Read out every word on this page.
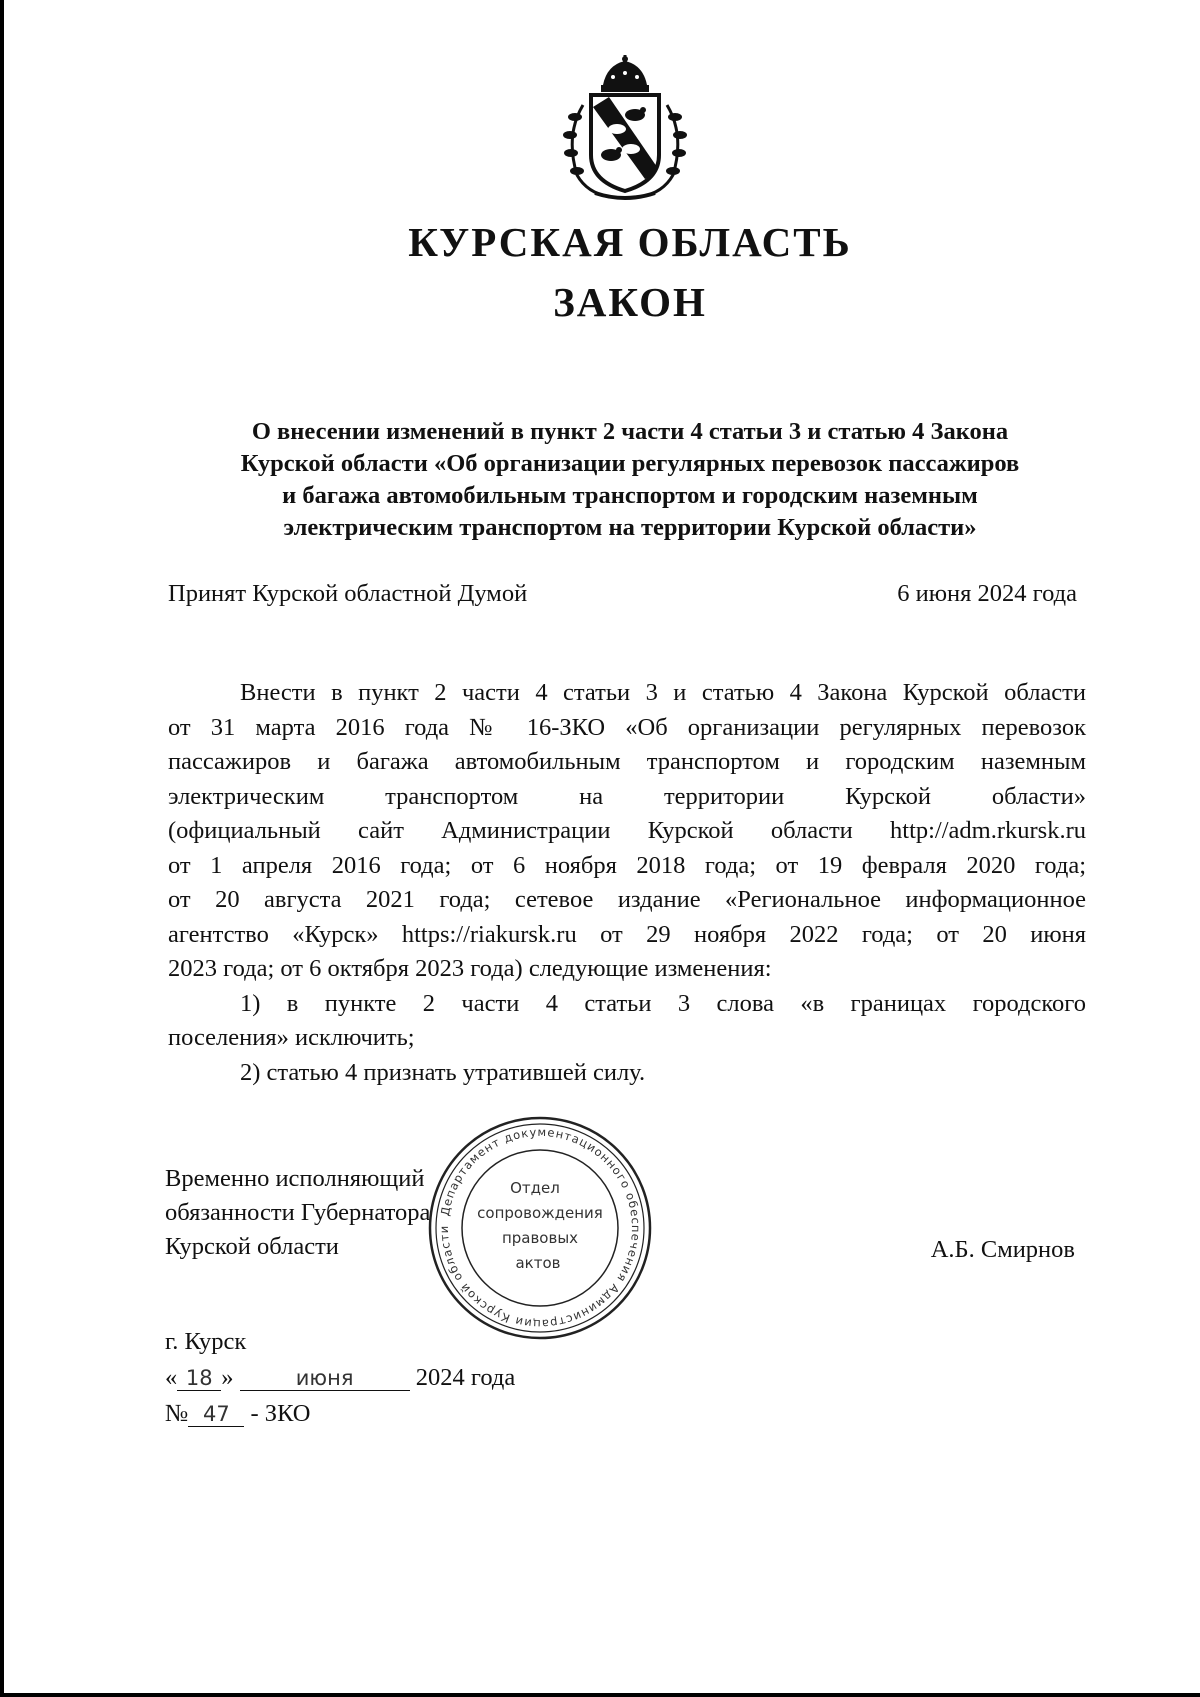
КУРСКАЯ ОБЛАСТЬ
ЗАКОН
О внесении изменений в пункт 2 части 4 статьи 3 и статью 4 Закона
Курской области «Об организации регулярных перевозок пассажиров
и багажа автомобильным транспортом и городским наземным
электрическим транспортом на территории Курской области»
Принят Курской областной Думой	6 июня 2024 года

Внести в пункт 2 части 4 статьи 3 и статью 4 Закона Курской области
от 31 марта 2016 года № 16-ЗКО «Об организации регулярных перевозок
пассажиров и багажа автомобильным транспортом и городским наземным
электрическим транспортом на территории Курской области»
(официальный сайт Администрации Курской области http://adm.rkursk.ru
от 1 апреля 2016 года; от 6 ноября 2018 года; от 19 февраля 2020 года;
от 20 августа 2021 года; сетевое издание «Региональное информационное
агентство «Курск» https://riakursk.ru от 29 ноября 2022 года; от 20 июня
2023 года; от 6 октября 2023 года) следующие изменения:

1) в пункте 2 части 4 статьи 3 слова «в границах городского
поселения» исключить;

2) статью 4 признать утратившей силу.

Временно исполняющий
обязанности Губернатора
Курской области	А.Б. Смирнов
Департамент документационного обеспечения Администрации Курской области
Отдел
сопровождения
правовых
актов
г. Курск
« 18 »	июня	2024 года
№ 47 - ЗКО
